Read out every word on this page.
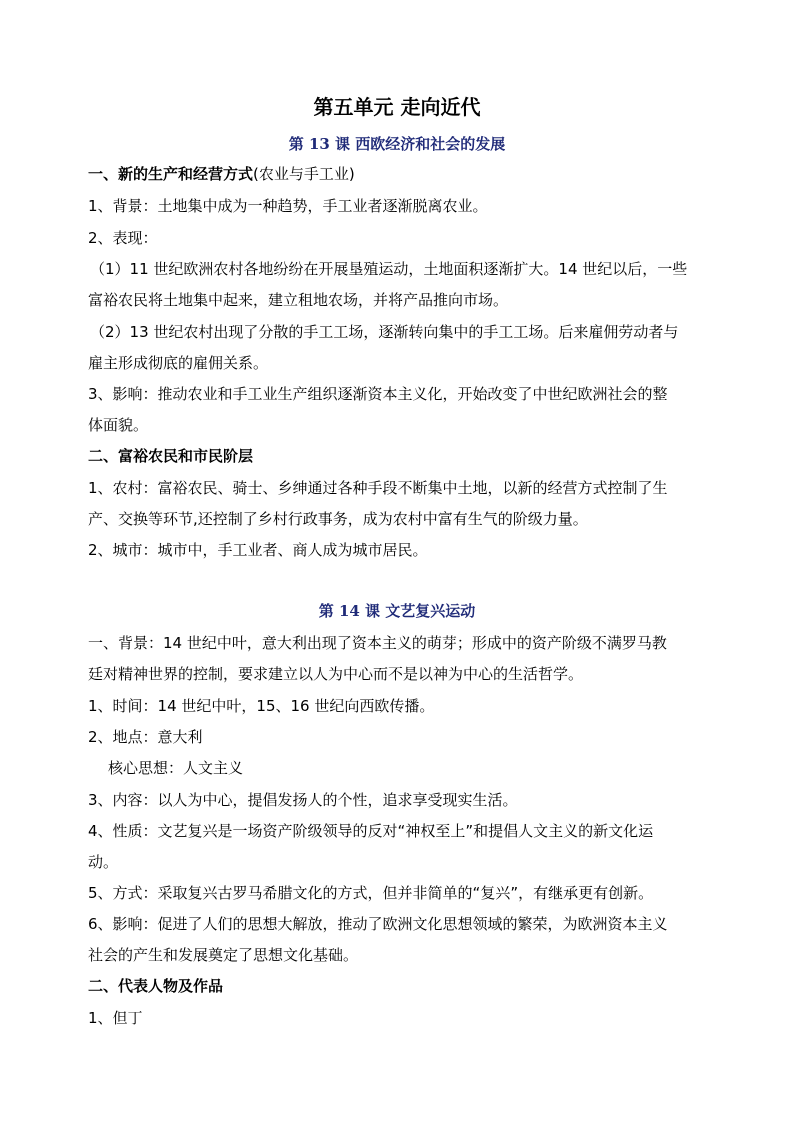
第五单元 走向近代
第 13 课 西欧经济和社会的发展
一、新的生产和经营方式(农业与手工业)
1、背景：土地集中成为一种趋势，手工业者逐渐脱离农业。
2、表现：
（1）11 世纪欧洲农村各地纷纷在开展垦殖运动，土地面积逐渐扩大。14 世纪以后，一些
富裕农民将土地集中起来，建立租地农场，并将产品推向市场。
（2）13 世纪农村出现了分散的手工工场，逐渐转向集中的手工工场。后来雇佣劳动者与
雇主形成彻底的雇佣关系。
3、影响：推动农业和手工业生产组织逐渐资本主义化，开始改变了中世纪欧洲社会的整
体面貌。
二、富裕农民和市民阶层
1、农村：富裕农民、骑士、乡绅通过各种手段不断集中土地，以新的经营方式控制了生
产、交换等环节,还控制了乡村行政事务，成为农村中富有生气的阶级力量。
2、城市：城市中，手工业者、商人成为城市居民。
第 14 课 文艺复兴运动
一、背景：14 世纪中叶，意大利出现了资本主义的萌芽；形成中的资产阶级不满罗马教
廷对精神世界的控制，要求建立以人为中心而不是以神为中心的生活哲学。
1、时间：14 世纪中叶，15、16 世纪向西欧传播。
2、地点：意大利
核心思想：人文主义
3、内容：以人为中心，提倡发扬人的个性，追求享受现实生活。
4、性质：文艺复兴是一场资产阶级领导的反对“神权至上”和提倡人文主义的新文化运
动。
5、方式：采取复兴古罗马希腊文化的方式，但并非简单的“复兴”，有继承更有创新。
6、影响：促进了人们的思想大解放，推动了欧洲文化思想领域的繁荣，为欧洲资本主义
社会的产生和发展奠定了思想文化基础。
二、代表人物及作品
1、但丁
